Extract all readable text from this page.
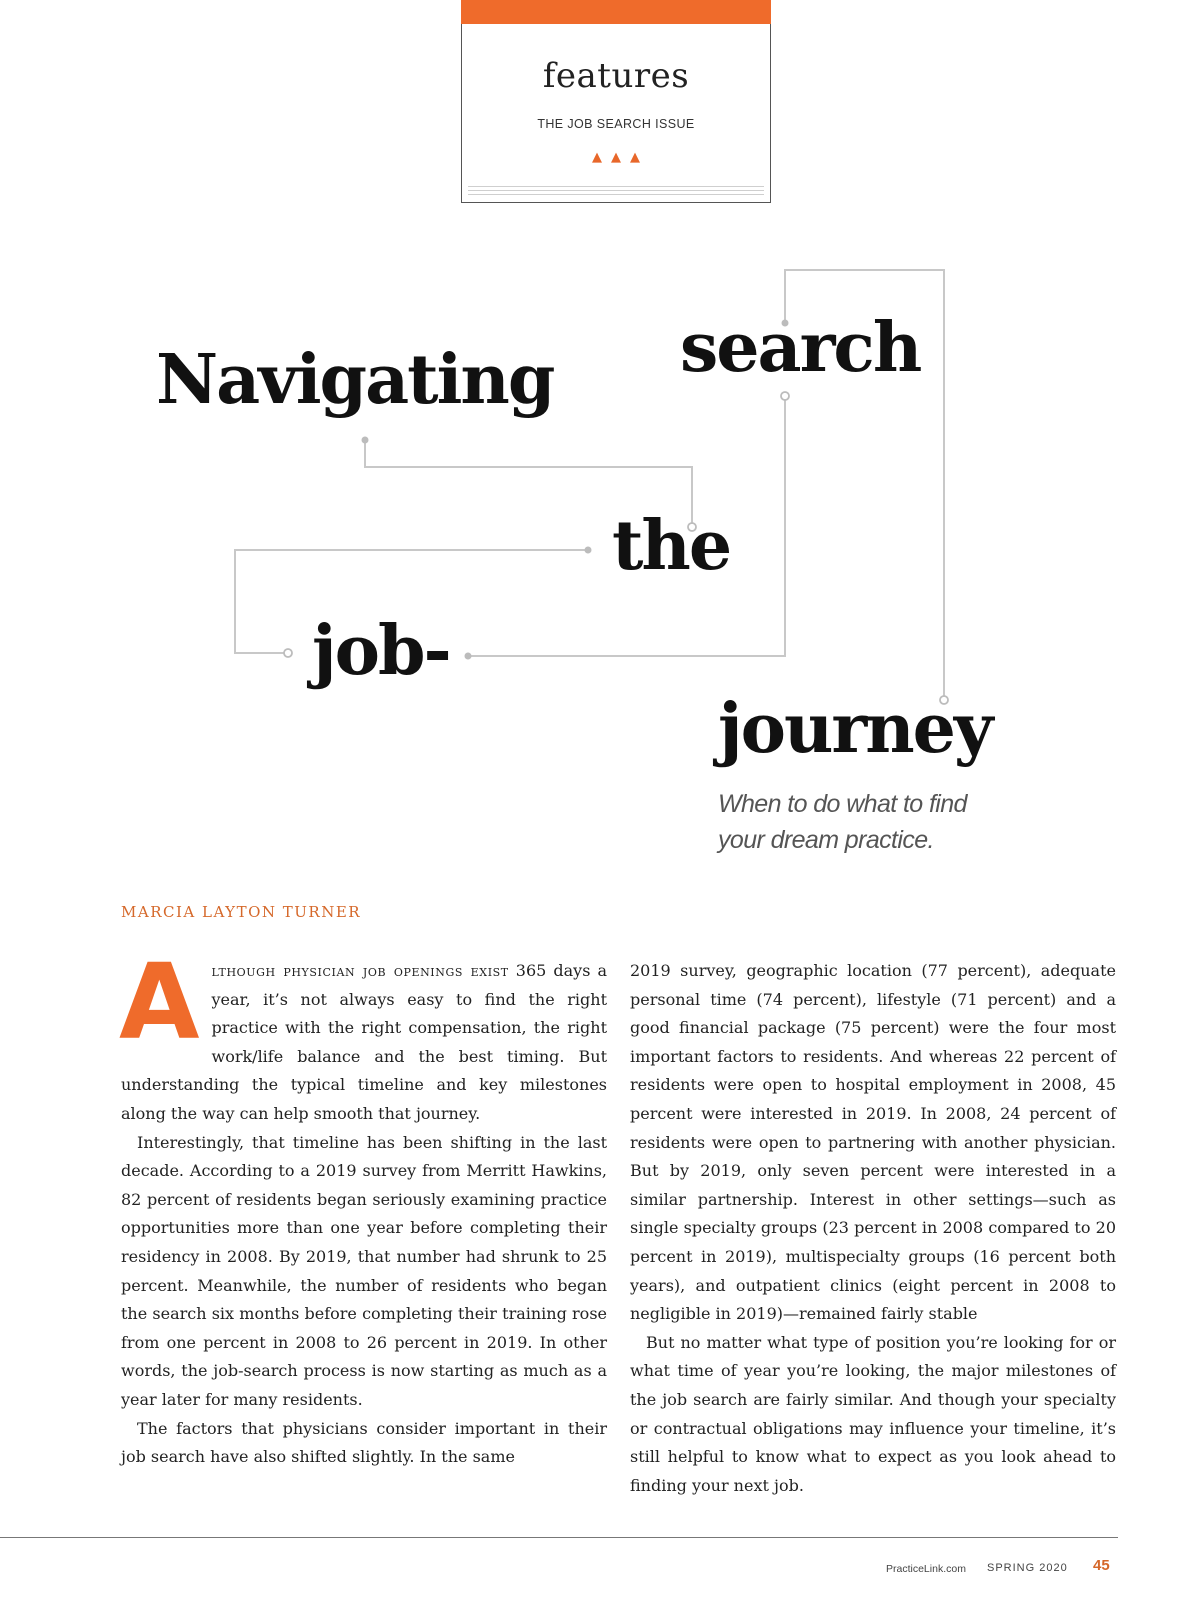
features
THE JOB SEARCH ISSUE
▲▲▲
Navigating search
the
job-
journey
When to do what to find your dream practice.
MARCIA LAYTON TURNER

Although physician job openings exist 365 days a year, it’s not always easy to find the right practice with the right compensation, the right work/life balance and the best timing. But understanding the typical timeline and key milestones along the way can help smooth that journey.

Interestingly, that timeline has been shifting in the last decade. According to a 2019 survey from Merritt Hawkins, 82 percent of residents began seriously examining practice opportunities more than one year before completing their residency in 2008. By 2019, that number had shrunk to 25 percent. Meanwhile, the number of residents who began the search six months before completing their training rose from one percent in 2008 to 26 percent in 2019. In other words, the job-search process is now starting as much as a year later for many residents.

The factors that physicians consider important in their job search have also shifted slightly. In the same

2019 survey, geographic location (77 percent), adequate personal time (74 percent), lifestyle (71 percent) and a good financial package (75 percent) were the four most important factors to residents. And whereas 22 percent of residents were open to hospital employment in 2008, 45 percent were interested in 2019. In 2008, 24 percent of residents were open to partnering with another physician. But by 2019, only seven percent were interested in a similar partnership. Interest in other settings—such as single specialty groups (23 percent in 2008 compared to 20 percent in 2019), multispecialty groups (16 percent both years), and outpatient clinics (eight percent in 2008 to negligible in 2019)—remained fairly stable

But no matter what type of position you’re looking for or what time of year you’re looking, the major milestones of the job search are fairly similar. And though your specialty or contractual obligations may influence your timeline, it’s still helpful to know what to expect as you look ahead to finding your next job.

PracticeLink.com SPRING 2020 45
